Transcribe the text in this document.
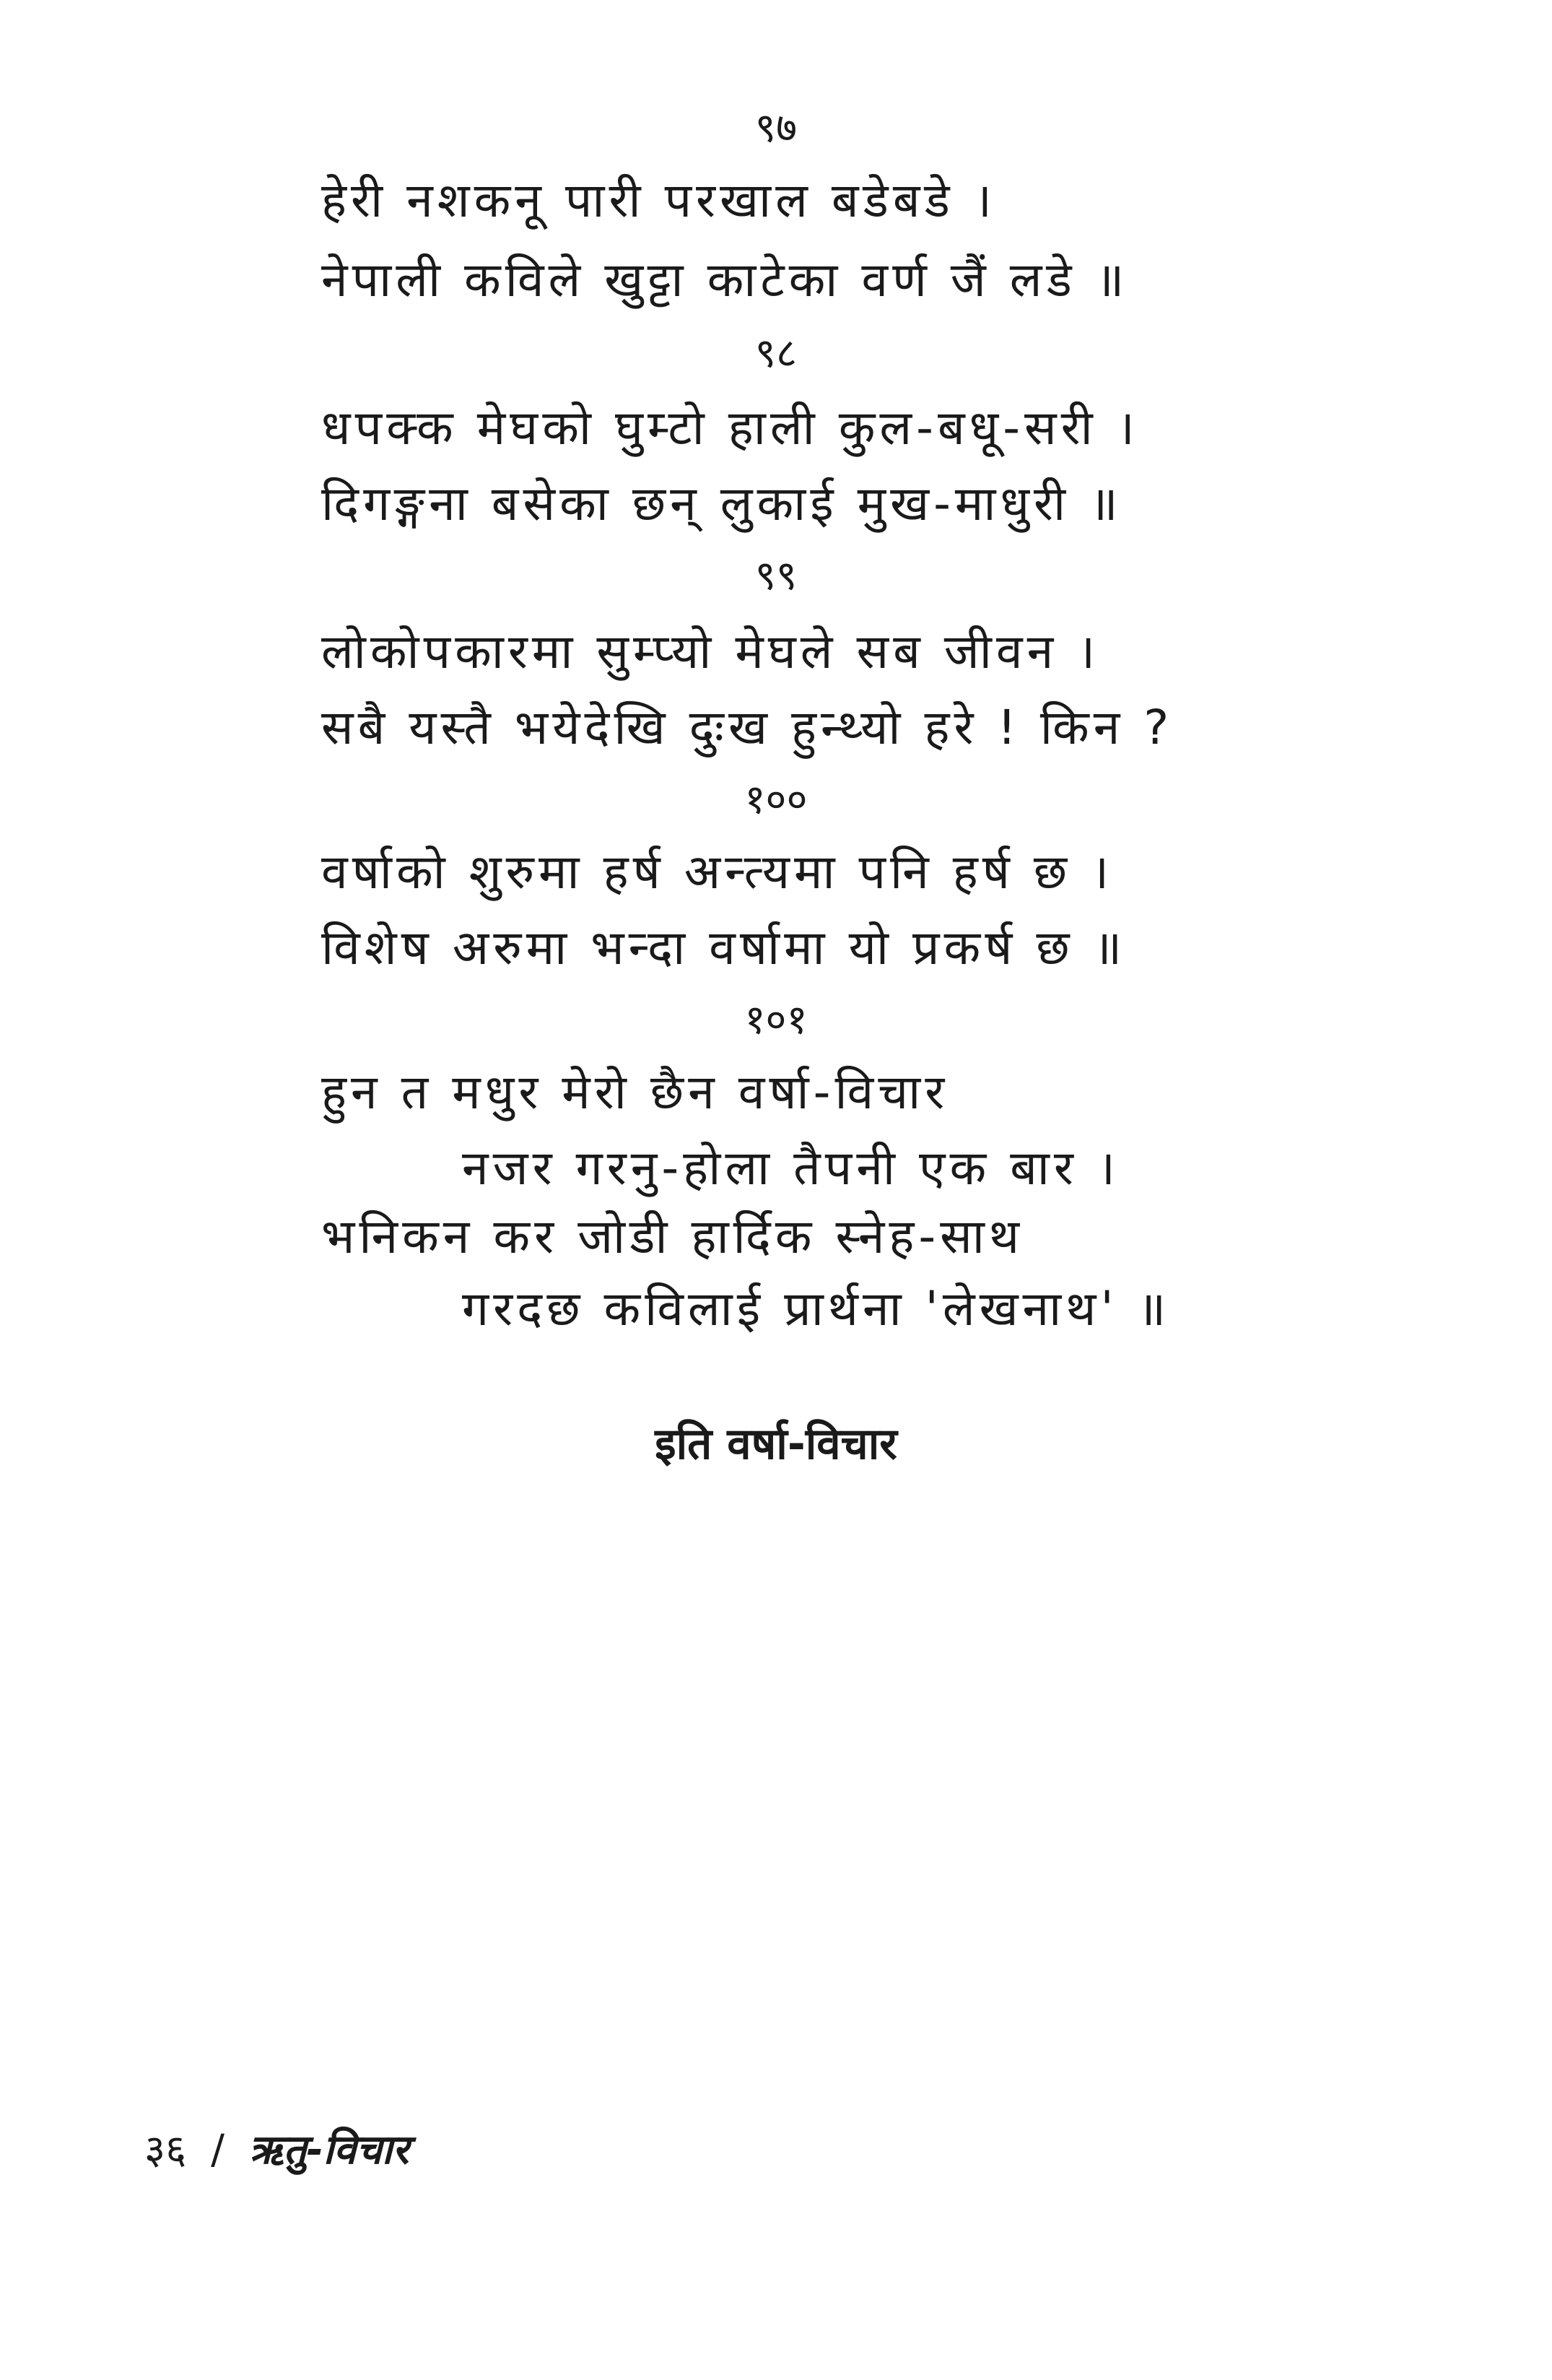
९७
हेरी नशकनू पारी परखाल बडेबडे ।
नेपाली कविले खुट्टा काटेका वर्ण जैं लडे ॥
९८
धपक्क मेघको घुम्टो हाली कुल-बधू-सरी ।
दिगङ्गना बसेका छन् लुकाई मुख-माधुरी ॥
९९
लोकोपकारमा सुम्प्यो मेघले सब जीवन ।
सबै यस्तै भयेदेखि दुःख हुन्थ्यो हरे ! किन ?
१००
वर्षाको शुरुमा हर्ष अन्त्यमा पनि हर्ष छ ।
विशेष अरुमा भन्दा वर्षामा यो प्रकर्ष छ ॥
१०१
हुन त मधुर मेरो छैन वर्षा-विचार
नजर गरनु-होला तैपनी एक बार ।
भनिकन कर जोडी हार्दिक स्नेह-साथ
गरदछ कविलाई प्रार्थना 'लेखनाथ' ॥
इति वर्षा-विचार
३६ / ऋतु-विचार
